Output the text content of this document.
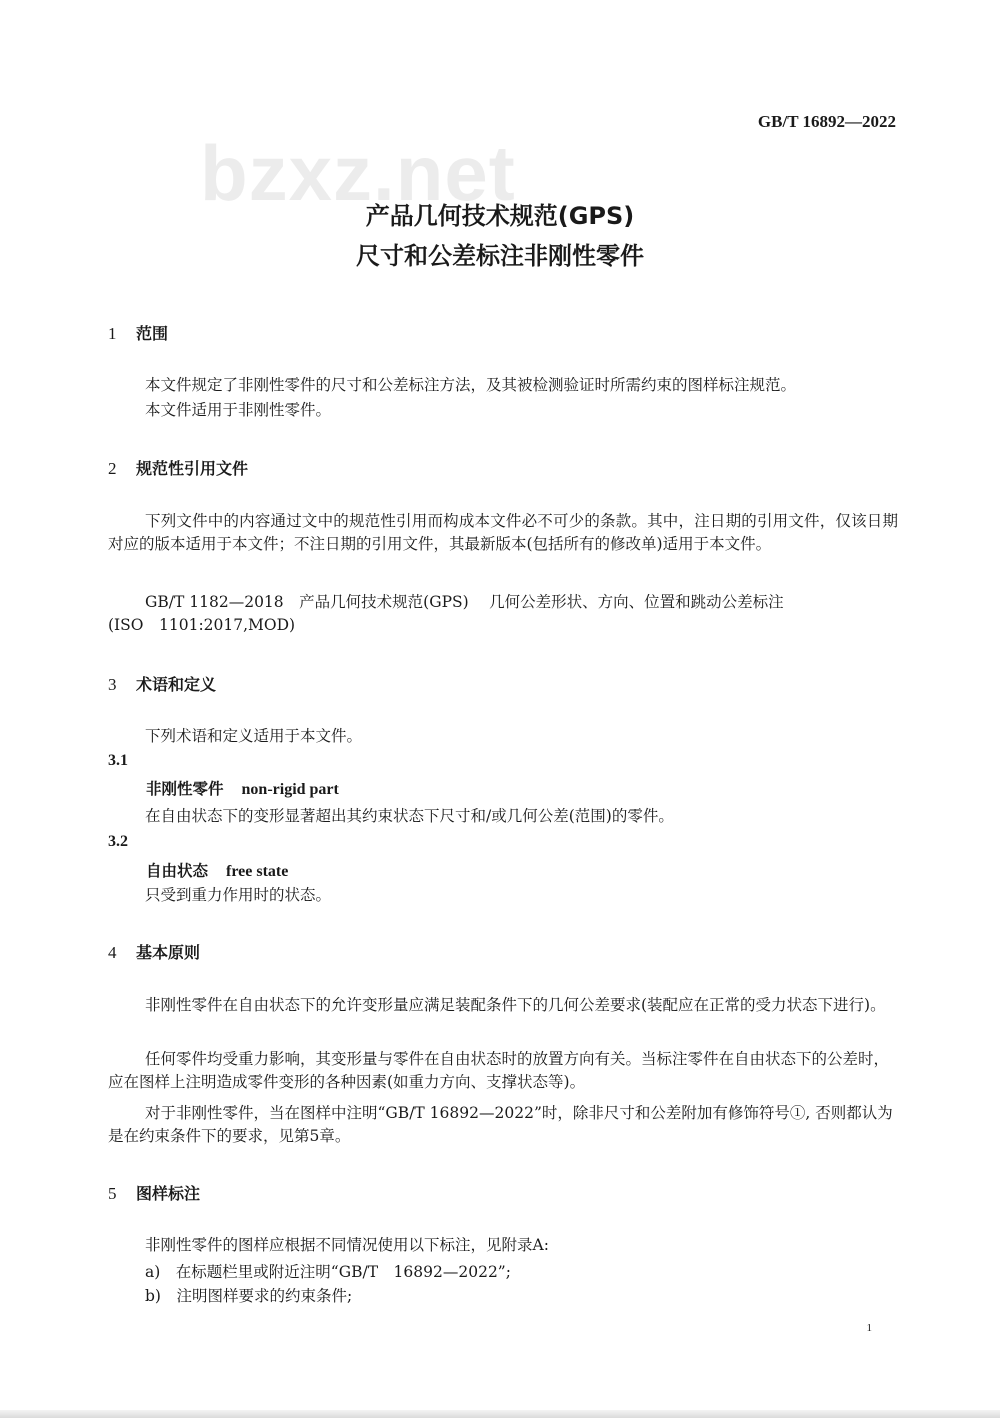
bzxz.net
GB/T 16892—2022
产品几何技术规范(GPS)
尺寸和公差标注非刚性零件
1 范围
本文件规定了非刚性零件的尺寸和公差标注方法，及其被检测验证时所需约束的图样标注规范。
本文件适用于非刚性零件。
2 规范性引用文件
下列文件中的内容通过文中的规范性引用而构成本文件必不可少的条款。其中，注日期的引用文件，仅该日期对应的版本适用于本文件；不注日期的引用文件，其最新版本(包括所有的修改单)适用于本文件。
GB/T 1182—2018　产品几何技术规范(GPS)　 几何公差形状、方向、位置和跳动公差标注
(ISO　1101:2017,MOD)
3 术语和定义
下列术语和定义适用于本文件。
3.1
非刚性零件 non-rigid part
在自由状态下的变形显著超出其约束状态下尺寸和/或几何公差(范围)的零件。
3.2
自由状态 free state
只受到重力作用时的状态。
4 基本原则
非刚性零件在自由状态下的允许变形量应满足装配条件下的几何公差要求(装配应在正常的受力状态下进行)。
任何零件均受重力影响，其变形量与零件在自由状态时的放置方向有关。当标注零件在自由状态下的公差时，应在图样上注明造成零件变形的各种因素(如重力方向、支撑状态等)。
对于非刚性零件，当在图样中注明“GB/T 16892—2022”时，除非尺寸和公差附加有修饰符号①, 否则都认为是在约束条件下的要求，见第5章。
5 图样标注
非刚性零件的图样应根据不同情况使用以下标注，见附录A:
a)　在标题栏里或附近注明“GB/T　16892—2022”;
b)　注明图样要求的约束条件;
1
